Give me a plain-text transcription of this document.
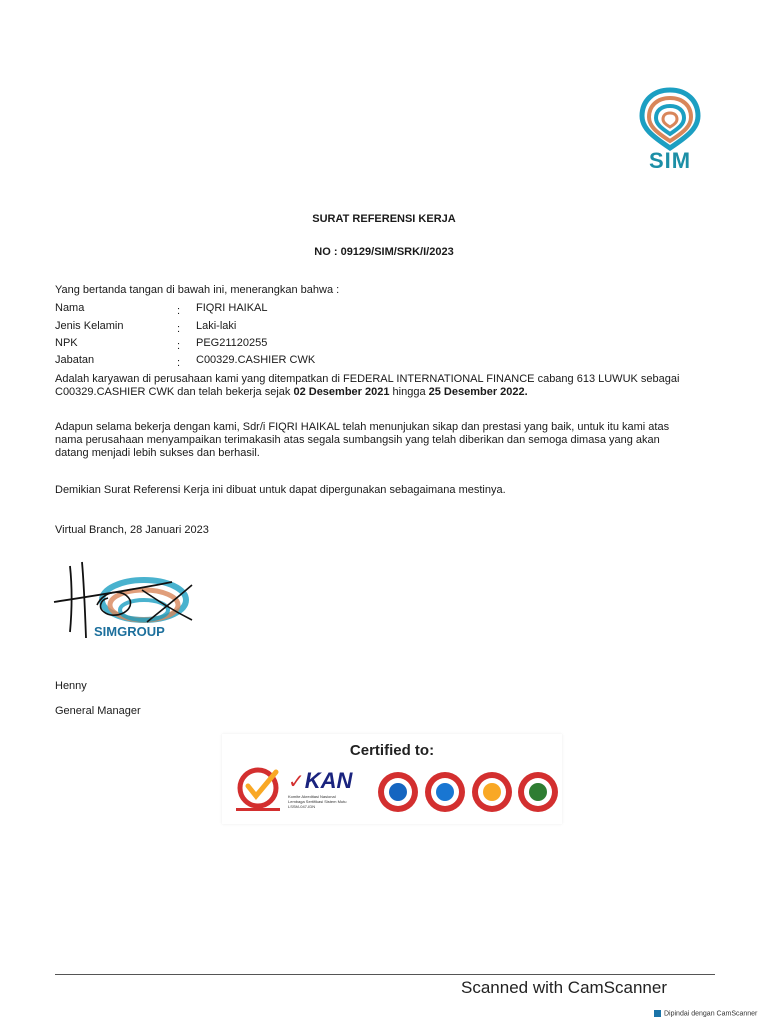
SIM
SURAT REFERENSI KERJA
NO : 09129/SIM/SRK/I/2023
Yang bertanda tangan di bawah ini, menerangkan bahwa :
Nama	: FIQRI HAIKAL
Jenis Kelamin	: Laki-laki
NPK	: PEG21120255
Jabatan	: C00329.CASHIER CWK
Adalah karyawan di perusahaan kami yang ditempatkan di FEDERAL INTERNATIONAL FINANCE cabang 613 LUWUK sebagai
C00329.CASHIER CWK dan telah bekerja sejak 02 Desember 2021 hingga 25 Desember 2022.
Adapun selama bekerja dengan kami, Sdr/i FIQRI HAIKAL telah menunjukan sikap dan prestasi yang baik, untuk itu kami atas
nama perusahaan menyampaikan terimakasih atas segala sumbangsih yang telah diberikan dan semoga dimasa yang akan
datang menjadi lebih sukses dan berhasil.
Demikian Surat Referensi Kerja ini dibuat untuk dapat dipergunakan sebagaimana mestinya.
Virtual Branch, 28 Januari 2023
SIMGROUP
Henny
General Manager
Certified to:
✓ KAN
Komite Akreditasi Nasional
Lembaga Sertifikasi Sistem Mutu
LSSM-047-IDN
Scanned with CamScanner
Dipindai dengan CamScanner
